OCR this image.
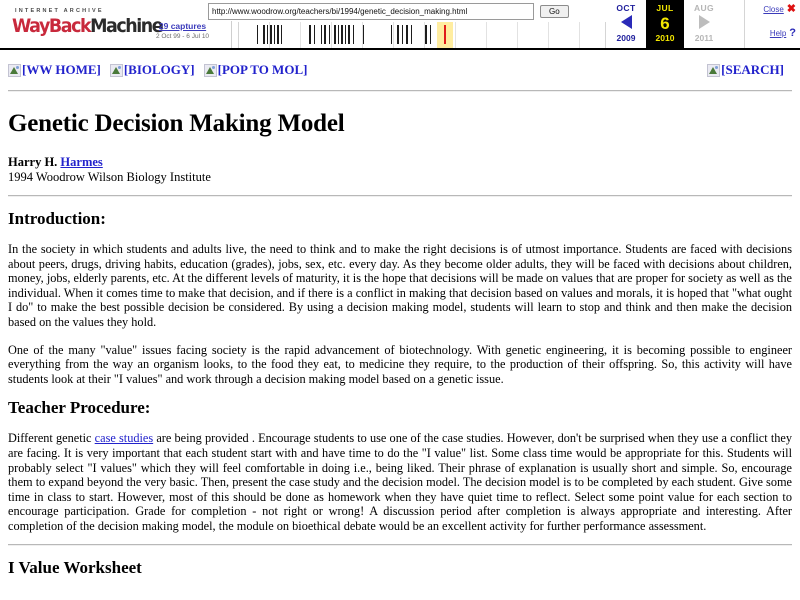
INTERNET ARCHIVE
WayBackMachine
29 captures
2 Oct 99 - 6 Jul 10
http://www.woodrow.org/teachers/bi/1994/genetic_decision_making.html
Go	OCT
2009
JUL
6
2010
AUG
2011
Close ✖
Help ?
[WW HOME] [BIOLOGY] [POP TO MOL]	[SEARCH]
Genetic Decision Making Model
Harry H. Harmes
1994 Woodrow Wilson Biology Institute
Introduction:

In the society in which students and adults live, the need to think and to make the right decisions is of utmost importance. Students are faced with decisions about peers, drugs, driving habits, education (grades), jobs, sex, etc. every day. As they become older adults, they will be faced with decisions about children, money, jobs, elderly parents, etc. At the different levels of maturity, it is the hope that decisions will be made on values that are proper for society as well as the individual. When it comes time to make that decision, and if there is a conflict in making that decision based on values and morals, it is hoped that "what ought I do" to make the best possible decision be considered. By using a decision making model, students will learn to stop and think and then make the decision based on the values they hold.

One of the many "value" issues facing society is the rapid advancement of biotechnology. With genetic engineering, it is becoming possible to engineer everything from the way an organism looks, to the food they eat, to medicine they require, to the production of their offspring. So, this activity will have students look at their "I values" and work through a decision making model based on a genetic issue.

Teacher Procedure:

Different genetic case studies are being provided . Encourage students to use one of the case studies. However, don't be surprised when they use a conflict they are facing. It is very important that each student start with and have time to do the "I value" list. Some class time would be appropriate for this. Students will probably select "I values" which they will feel comfortable in doing i.e., being liked. Their phrase of explanation is usually short and simple. So, encourage them to expand beyond the very basic. Then, present the case study and the decision model. The decision model is to be completed by each student. Give some time in class to start. However, most of this should be done as homework when they have quiet time to reflect. Select some point value for each section to encourage participation. Grade for completion - not right or wrong! A discussion period after completion is always appropriate and interesting. After completion of the decision making model, the module on bioethical debate would be an excellent activity for further performance assessment.

I Value Worksheet
